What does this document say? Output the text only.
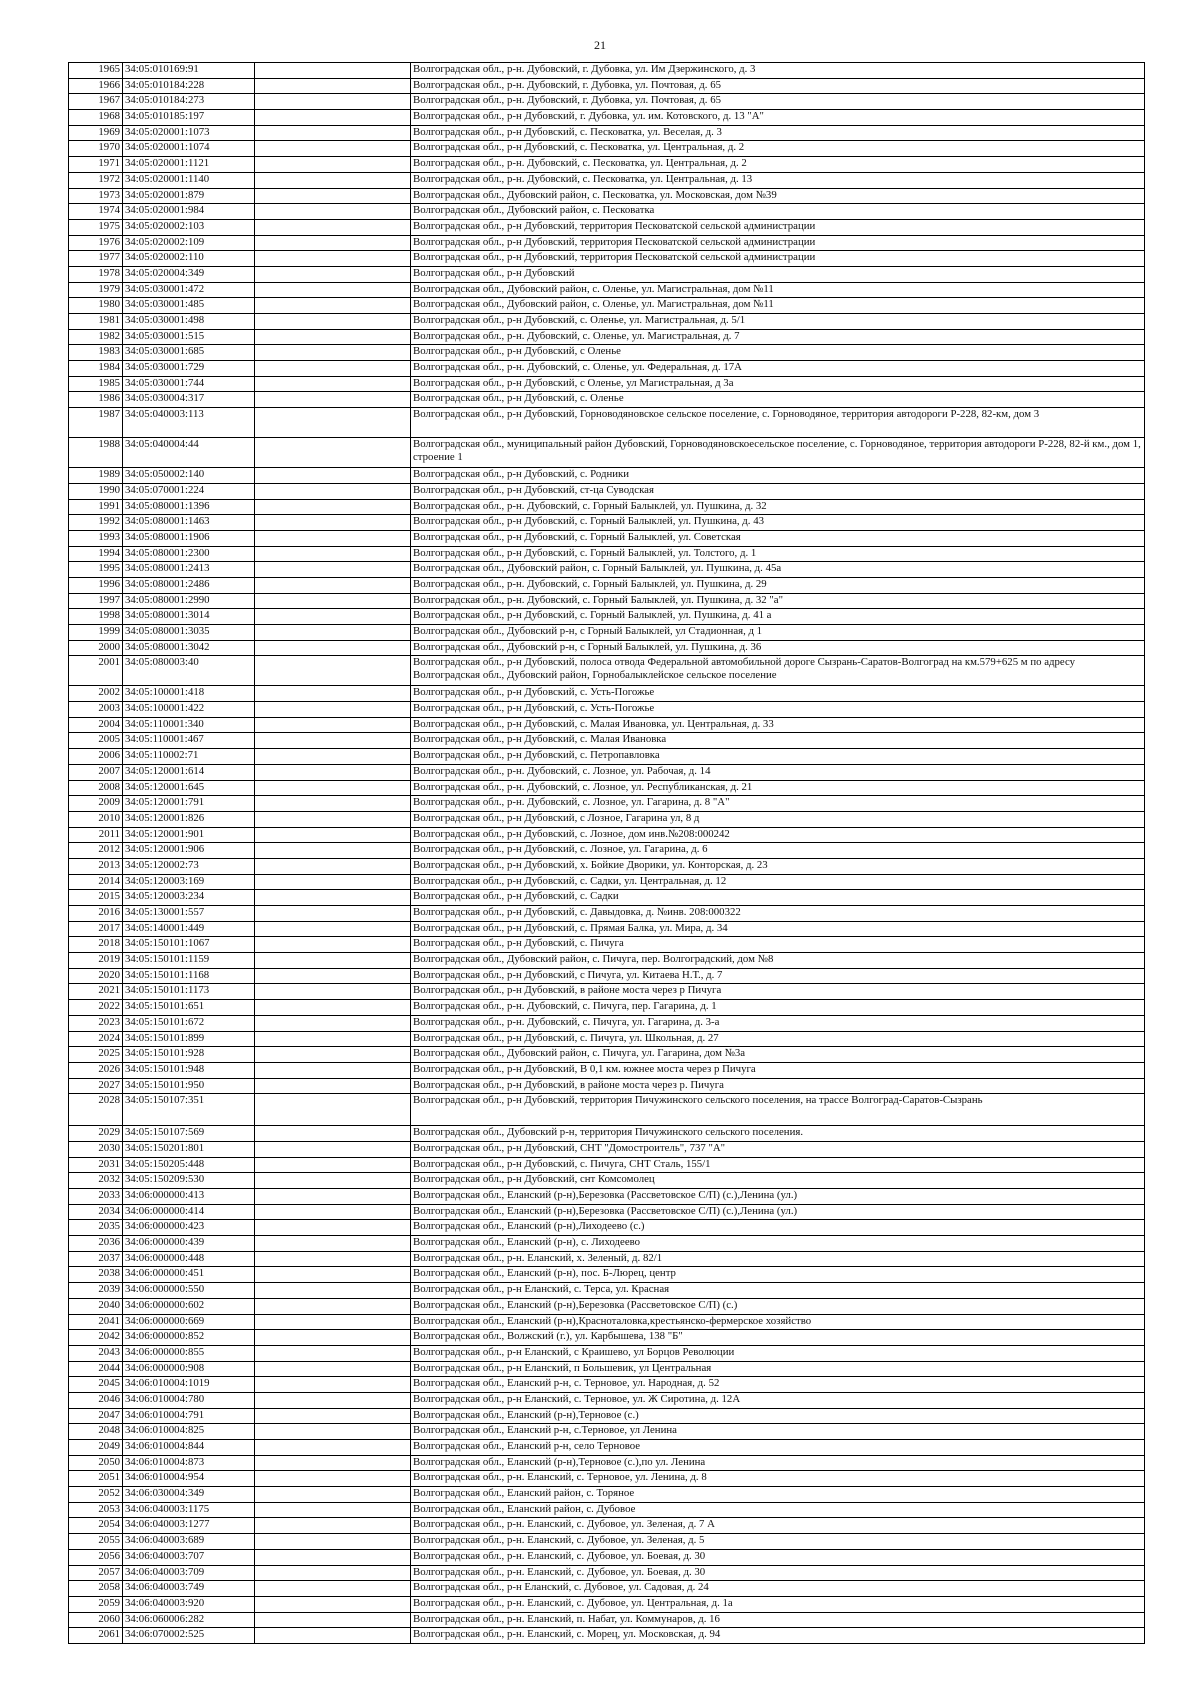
21
1965	34:05:010169:91		Волгоградская обл., р-н. Дубовский, г. Дубовка, ул. Им Дзержинского, д. 3
1966	34:05:010184:228		Волгоградская обл., р-н. Дубовский, г. Дубовка, ул. Почтовая, д. 65
1967	34:05:010184:273		Волгоградская обл., р-н. Дубовский, г. Дубовка, ул. Почтовая, д. 65
1968	34:05:010185:197		Волгоградская обл., р-н Дубовский, г. Дубовка, ул. им. Котовского, д. 13 "А"
1969	34:05:020001:1073		Волгоградская обл., р-н Дубовский, с. Песковатка, ул. Веселая, д. 3
1970	34:05:020001:1074		Волгоградская обл., р-н Дубовский, с. Песковатка, ул. Центральная, д. 2
1971	34:05:020001:1121		Волгоградская обл., р-н. Дубовский, с. Песковатка, ул. Центральная, д. 2
1972	34:05:020001:1140		Волгоградская обл., р-н. Дубовский, с. Песковатка, ул. Центральная, д. 13
1973	34:05:020001:879		Волгоградская обл., Дубовский район, с. Песковатка, ул. Московская, дом №39
1974	34:05:020001:984		Волгоградская обл., Дубовский район, с. Песковатка
1975	34:05:020002:103		Волгоградская обл., р-н Дубовский, территория Песковатской сельской администрации
1976	34:05:020002:109		Волгоградская обл., р-н Дубовский, территория Песковатской сельской администрации
1977	34:05:020002:110		Волгоградская обл., р-н Дубовский, территория Песковатской сельской администрации
1978	34:05:020004:349		Волгоградская обл., р-н Дубовский
1979	34:05:030001:472		Волгоградская обл., Дубовский район, с. Оленье, ул. Магистральная, дом №11
1980	34:05:030001:485		Волгоградская обл., Дубовский район, с. Оленье, ул. Магистральная, дом №11
1981	34:05:030001:498		Волгоградская обл., р-н Дубовский, с. Оленье, ул. Магистральная, д. 5/1
1982	34:05:030001:515		Волгоградская обл., р-н. Дубовский, с. Оленье, ул. Магистральная, д. 7
1983	34:05:030001:685		Волгоградская обл., р-н Дубовский, с Оленье
1984	34:05:030001:729		Волгоградская обл., р-н. Дубовский, с. Оленье, ул. Федеральная, д. 17А
1985	34:05:030001:744		Волгоградская обл., р-н Дубовский, с Оленье, ул Магистральная, д 3а
1986	34:05:030004:317		Волгоградская обл., р-н Дубовский, с. Оленье
1987	34:05:040003:113		Волгоградская обл., р-н Дубовский, Горноводяновское сельское поселение, с. Горноводяное, территория автодороги Р-228, 82-км, дом 3
1988	34:05:040004:44		Волгоградская обл., муниципальный район Дубовский, Горноводяновскоесельское поселение, с. Горноводяное, территория автодороги Р-228, 82-й км., дом 1, строение 1
1989	34:05:050002:140		Волгоградская обл., р-н Дубовский, с. Родники
1990	34:05:070001:224		Волгоградская обл., р-н Дубовский, ст-ца Суводская
1991	34:05:080001:1396		Волгоградская обл., р-н. Дубовский, с. Горный Балыклей, ул. Пушкина, д. 32
1992	34:05:080001:1463		Волгоградская обл., р-н Дубовский, с. Горный Балыклей, ул. Пушкина, д. 43
1993	34:05:080001:1906		Волгоградская обл., р-н Дубовский, с. Горный Балыклей, ул. Советская
1994	34:05:080001:2300		Волгоградская обл., р-н Дубовский, с. Горный Балыклей, ул. Толстого, д. 1
1995	34:05:080001:2413		Волгоградская обл., Дубовский район, с. Горный Балыклей, ул. Пушкина, д. 45а
1996	34:05:080001:2486		Волгоградская обл., р-н. Дубовский, с. Горный Балыклей, ул. Пушкина, д. 29
1997	34:05:080001:2990		Волгоградская обл., р-н. Дубовский, с. Горный Балыклей, ул. Пушкина, д. 32 "а"
1998	34:05:080001:3014		Волгоградская обл., р-н Дубовский, с. Горный Балыклей, ул. Пушкина, д. 41 а
1999	34:05:080001:3035		Волгоградская обл., Дубовский р-н, с Горный Балыклей, ул Стадионная, д 1
2000	34:05:080001:3042		Волгоградская обл., Дубовский р-н, с Горный Балыклей, ул. Пушкина, д. 36
2001	34:05:080003:40		Волгоградская обл., р-н Дубовский, полоса отвода Федеральной автомобильной дороге Сызрань-Саратов-Волгоград на км.579+625 м по адресу Волгоградская обл., Дубовский район, Горнобалыклейское сельское поселение
2002	34:05:100001:418		Волгоградская обл., р-н Дубовский, с. Усть-Погожье
2003	34:05:100001:422		Волгоградская обл., р-н Дубовский, с. Усть-Погожье
2004	34:05:110001:340		Волгоградская обл., р-н Дубовский, с. Малая Ивановка, ул. Центральная, д. 33
2005	34:05:110001:467		Волгоградская обл., р-н Дубовский, с. Малая Ивановка
2006	34:05:110002:71		Волгоградская обл., р-н Дубовский, с. Петропавловка
2007	34:05:120001:614		Волгоградская обл., р-н. Дубовский, с. Лозное, ул. Рабочая, д. 14
2008	34:05:120001:645		Волгоградская обл., р-н. Дубовский, с. Лозное, ул. Республиканская, д. 21
2009	34:05:120001:791		Волгоградская обл., р-н. Дубовский, с. Лозное, ул. Гагарина, д. 8 "А"
2010	34:05:120001:826		Волгоградская обл., р-н Дубовский, с Лозное, Гагарина ул, 8 д
2011	34:05:120001:901		Волгоградская обл., р-н Дубовский, с. Лозное, дом инв.№208:000242
2012	34:05:120001:906		Волгоградская обл., р-н Дубовский, с. Лозное, ул. Гагарина, д. 6
2013	34:05:120002:73		Волгоградская обл., р-н Дубовский, х. Бойкие Дворики, ул. Конторская, д. 23
2014	34:05:120003:169		Волгоградская обл., р-н Дубовский, с. Садки, ул. Центральная, д. 12
2015	34:05:120003:234		Волгоградская обл., р-н Дубовский, с. Садки
2016	34:05:130001:557		Волгоградская обл., р-н Дубовский, с. Давыдовка, д. №инв. 208:000322
2017	34:05:140001:449		Волгоградская обл., р-н Дубовский, с. Прямая Балка, ул. Мира, д. 34
2018	34:05:150101:1067		Волгоградская обл., р-н Дубовский, с. Пичуга
2019	34:05:150101:1159		Волгоградская обл., Дубовский район, с. Пичуга, пер. Волгоградский, дом №8
2020	34:05:150101:1168		Волгоградская обл., р-н Дубовский, с Пичуга, ул. Китаева Н.Т., д. 7
2021	34:05:150101:1173		Волгоградская обл., р-н Дубовский, в районе моста через р Пичуга
2022	34:05:150101:651		Волгоградская обл., р-н. Дубовский, с. Пичуга, пер. Гагарина, д. 1
2023	34:05:150101:672		Волгоградская обл., р-н. Дубовский, с. Пичуга, ул. Гагарина, д. 3-а
2024	34:05:150101:899		Волгоградская обл., р-н Дубовский, с. Пичуга, ул. Школьная, д. 27
2025	34:05:150101:928		Волгоградская обл., Дубовский район, с. Пичуга, ул. Гагарина, дом №3а
2026	34:05:150101:948		Волгоградская обл., р-н Дубовский, В 0,1 км. южнее моста через р Пичуга
2027	34:05:150101:950		Волгоградская обл., р-н Дубовский, в районе моста через р. Пичуга
2028	34:05:150107:351		Волгоградская обл., р-н Дубовский, территория Пичужинского сельского поселения, на трассе Волгоград-Саратов-Сызрань
2029	34:05:150107:569		Волгоградская обл., Дубовский р-н, территория Пичужинского сельского поселения.
2030	34:05:150201:801		Волгоградская обл., р-н Дубовский, СНТ "Домостроитель", 737 "А"
2031	34:05:150205:448		Волгоградская обл., р-н Дубовский, с. Пичуга, СНТ Сталь, 155/1
2032	34:05:150209:530		Волгоградская обл., р-н Дубовский, снт Комсомолец
2033	34:06:000000:413		Волгоградская обл., Еланский (р-н),Березовка (Рассветовское С/П) (с.),Ленина (ул.)
2034	34:06:000000:414		Волгоградская обл., Еланский (р-н),Березовка (Рассветовское С/П) (с.),Ленина (ул.)
2035	34:06:000000:423		Волгоградская обл., Еланский (р-н),Лиходеево (с.)
2036	34:06:000000:439		Волгоградская обл., Еланский (р-н), с. Лиходеево
2037	34:06:000000:448		Волгоградская обл., р-н. Еланский, х. Зеленый, д. 82/1
2038	34:06:000000:451		Волгоградская обл., Еланский (р-н), пос. Б-Люрец, центр
2039	34:06:000000:550		Волгоградская обл., р-н Еланский, с. Терса, ул. Красная
2040	34:06:000000:602		Волгоградская обл., Еланский (р-н),Березовка (Рассветовское С/П) (с.)
2041	34:06:000000:669		Волгоградская обл., Еланский (р-н),Красноталовка,крестьянско-фермерское хозяйство
2042	34:06:000000:852		Волгоградская обл., Волжский (г.), ул. Карбышева, 138 "Б"
2043	34:06:000000:855		Волгоградская обл., р-н Еланский, с Краишево, ул Борцов Революции
2044	34:06:000000:908		Волгоградская обл., р-н Еланский, п Большевик, ул Центральная
2045	34:06:010004:1019		Волгоградская обл., Еланский р-н, с. Терновое, ул. Народная, д. 52
2046	34:06:010004:780		Волгоградская обл., р-н Еланский, с. Терновое, ул. Ж Сиротина, д. 12А
2047	34:06:010004:791		Волгоградская обл., Еланский (р-н),Терновое (с.)
2048	34:06:010004:825		Волгоградская обл., Еланский р-н, с.Терновое, ул Ленина
2049	34:06:010004:844		Волгоградская обл., Еланский р-н, село Терновое
2050	34:06:010004:873		Волгоградская обл., Еланский (р-н),Терновое (с.),по ул. Ленина
2051	34:06:010004:954		Волгоградская обл., р-н. Еланский, с. Терновое, ул. Ленина, д. 8
2052	34:06:030004:349		Волгоградская обл., Еланский район, с. Торяное
2053	34:06:040003:1175		Волгоградская обл., Еланский район, с. Дубовое
2054	34:06:040003:1277		Волгоградская обл., р-н. Еланский, с. Дубовое, ул. Зеленая, д. 7 А
2055	34:06:040003:689		Волгоградская обл., р-н. Еланский, с. Дубовое, ул. Зеленая, д. 5
2056	34:06:040003:707		Волгоградская обл., р-н. Еланский, с. Дубовое, ул. Боевая, д. 30
2057	34:06:040003:709		Волгоградская обл., р-н. Еланский, с. Дубовое, ул. Боевая, д. 30
2058	34:06:040003:749		Волгоградская обл., р-н Еланский, с. Дубовое, ул. Садовая, д. 24
2059	34:06:040003:920		Волгоградская обл., р-н. Еланский, с. Дубовое, ул. Центральная, д. 1а
2060	34:06:060006:282		Волгоградская обл., р-н. Еланский, п. Набат, ул. Коммунаров, д. 16
2061	34:06:070002:525		Волгоградская обл., р-н. Еланский, с. Морец, ул. Московская, д. 94
